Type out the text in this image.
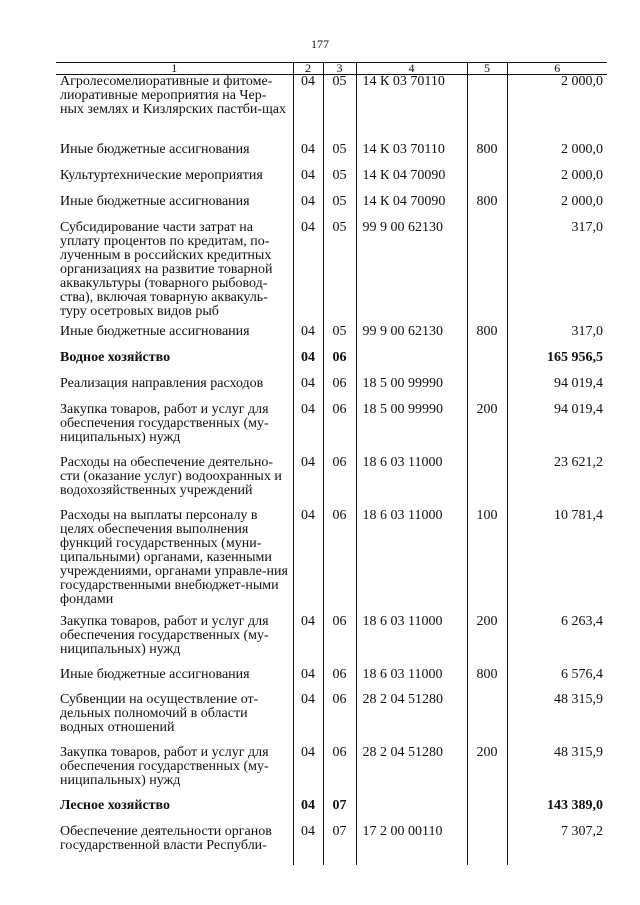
177
1	2	3	4	5	6
Агролесомелиоративные и фитоме-лиоративные мероприятия на Чер-ных землях и Кизлярских пастби-щах	04	05	14 К 03 70110		2 000,0
Иные бюджетные ассигнования	04	05	14 К 03 70110	800	2 000,0
Культуртехнические мероприятия	04	05	14 К 04 70090		2 000,0
Иные бюджетные ассигнования	04	05	14 К 04 70090	800	2 000,0
Субсидирование части затрат на уплату процентов по кредитам, по-лученным в российских кредитных организациях на развитие товарной аквакультуры (товарного рыбовод-ства), включая товарную аквакуль-туру осетровых видов рыб	04	05	99 9 00 62130		317,0
Иные бюджетные ассигнования	04	05	99 9 00 62130	800	317,0
Водное хозяйство	04	06			165 956,5
Реализация направления расходов	04	06	18 5 00 99990		94 019,4
Закупка товаров, работ и услуг для обеспечения государственных (му-ниципальных) нужд	04	06	18 5 00 99990	200	94 019,4
Расходы на обеспечение деятельно-сти (оказание услуг) водоохранных и водохозяйственных учреждений	04	06	18 6 03 11000		23 621,2
Расходы на выплаты персоналу в целях обеспечения выполнения функций государственных (муни-ципальными) органами, казенными учреждениями, органами управле-ния государственными внебюджет-ными фондами	04	06	18 6 03 11000	100	10 781,4
Закупка товаров, работ и услуг для обеспечения государственных (му-ниципальных) нужд	04	06	18 6 03 11000	200	6 263,4
Иные бюджетные ассигнования	04	06	18 6 03 11000	800	6 576,4
Субвенции на осуществление от-дельных полномочий в области водных отношений	04	06	28 2 04 51280		48 315,9
Закупка товаров, работ и услуг для обеспечения государственных (му-ниципальных) нужд	04	06	28 2 04 51280	200	48 315,9
Лесное хозяйство	04	07			143 389,0
Обеспечение деятельности органов государственной власти Республи-	04	07	17 2 00 00110		7 307,2
